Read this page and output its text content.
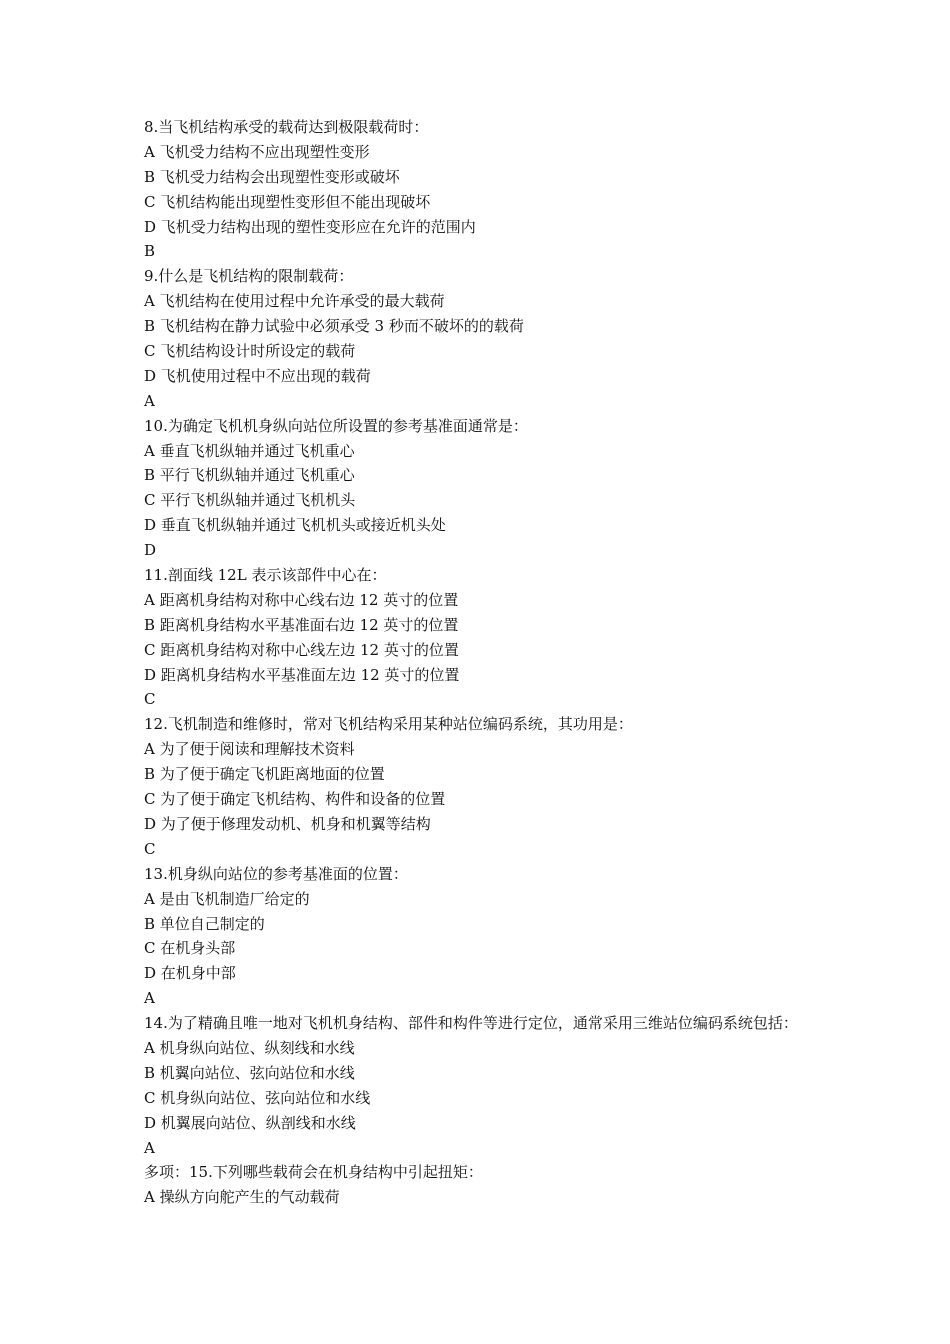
8.当飞机结构承受的载荷达到极限载荷时：
A 飞机受力结构不应出现塑性变形
B 飞机受力结构会出现塑性变形或破坏
C 飞机结构能出现塑性变形但不能出现破坏
D 飞机受力结构出现的塑性变形应在允许的范围内
B
9.什么是飞机结构的限制载荷：
A 飞机结构在使用过程中允许承受的最大载荷
B 飞机结构在静力试验中必须承受 3 秒而不破坏的的载荷
C 飞机结构设计时所设定的载荷
D 飞机使用过程中不应出现的载荷
A
10.为确定飞机机身纵向站位所设置的参考基准面通常是：
A 垂直飞机纵轴并通过飞机重心
B 平行飞机纵轴并通过飞机重心
C 平行飞机纵轴并通过飞机机头
D 垂直飞机纵轴并通过飞机机头或接近机头处
D
11.剖面线 12L 表示该部件中心在：
A 距离机身结构对称中心线右边 12 英寸的位置
B 距离机身结构水平基准面右边 12 英寸的位置
C 距离机身结构对称中心线左边 12 英寸的位置
D 距离机身结构水平基准面左边 12 英寸的位置
C
12.飞机制造和维修时，常对飞机结构采用某种站位编码系统，其功用是：
A 为了便于阅读和理解技术资料
B 为了便于确定飞机距离地面的位置
C 为了便于确定飞机结构、构件和设备的位置
D 为了便于修理发动机、机身和机翼等结构
C
13.机身纵向站位的参考基准面的位置：
A 是由飞机制造厂给定的
B 单位自己制定的
C 在机身头部
D 在机身中部
A
14.为了精确且唯一地对飞机机身结构、部件和构件等进行定位，通常采用三维站位编码系统包括：
A 机身纵向站位、纵刻线和水线
B 机翼向站位、弦向站位和水线
C 机身纵向站位、弦向站位和水线
D 机翼展向站位、纵剖线和水线
A
多项：15.下列哪些载荷会在机身结构中引起扭矩：
A 操纵方向舵产生的气动载荷
